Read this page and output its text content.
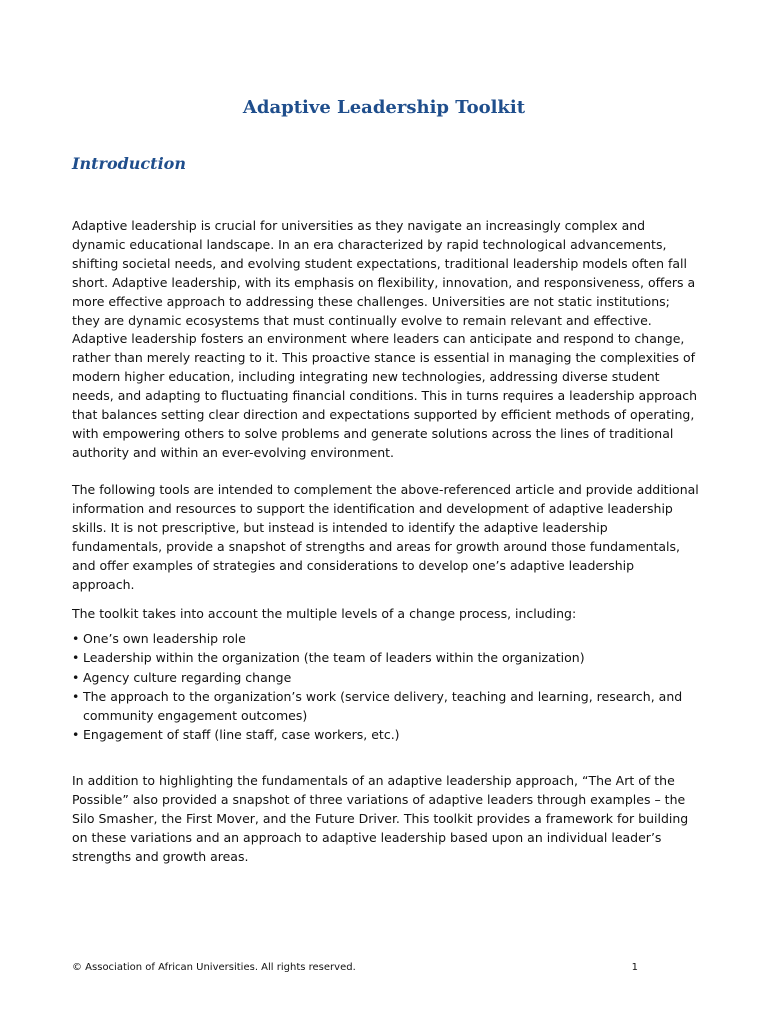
Adaptive Leadership Toolkit
Introduction

Adaptive leadership is crucial for universities as they navigate an increasingly complex and dynamic educational landscape. In an era characterized by rapid technological advancements, shifting societal needs, and evolving student expectations, traditional leadership models often fall short. Adaptive leadership, with its emphasis on flexibility, innovation, and responsiveness, offers a more effective approach to addressing these challenges. Universities are not static institutions; they are dynamic ecosystems that must continually evolve to remain relevant and effective. Adaptive leadership fosters an environment where leaders can anticipate and respond to change, rather than merely reacting to it. This proactive stance is essential in managing the complexities of modern higher education, including integrating new technologies, addressing diverse student needs, and adapting to fluctuating financial conditions. This in turns requires a leadership approach that balances setting clear direction and expectations supported by efficient methods of operating, with empowering others to solve problems and generate solutions across the lines of traditional authority and within an ever-evolving environment.

The following tools are intended to complement the above-referenced article and provide additional information and resources to support the identification and development of adaptive leadership skills. It is not prescriptive, but instead is intended to identify the adaptive leadership fundamentals, provide a snapshot of strengths and areas for growth around those fundamentals, and offer examples of strategies and considerations to develop one’s adaptive leadership approach.

The toolkit takes into account the multiple levels of a change process, including:

• One’s own leadership role
• Leadership within the organization (the team of leaders within the organization)
• Agency culture regarding change
• The approach to the organization’s work (service delivery, teaching and learning, research, and community engagement outcomes)
• Engagement of staff (line staff, case workers, etc.)

In addition to highlighting the fundamentals of an adaptive leadership approach, “The Art of the Possible” also provided a snapshot of three variations of adaptive leaders through examples – the Silo Smasher, the First Mover, and the Future Driver. This toolkit provides a framework for building on these variations and an approach to adaptive leadership based upon an individual leader’s strengths and growth areas.

© Association of African Universities. All rights reserved.	1
